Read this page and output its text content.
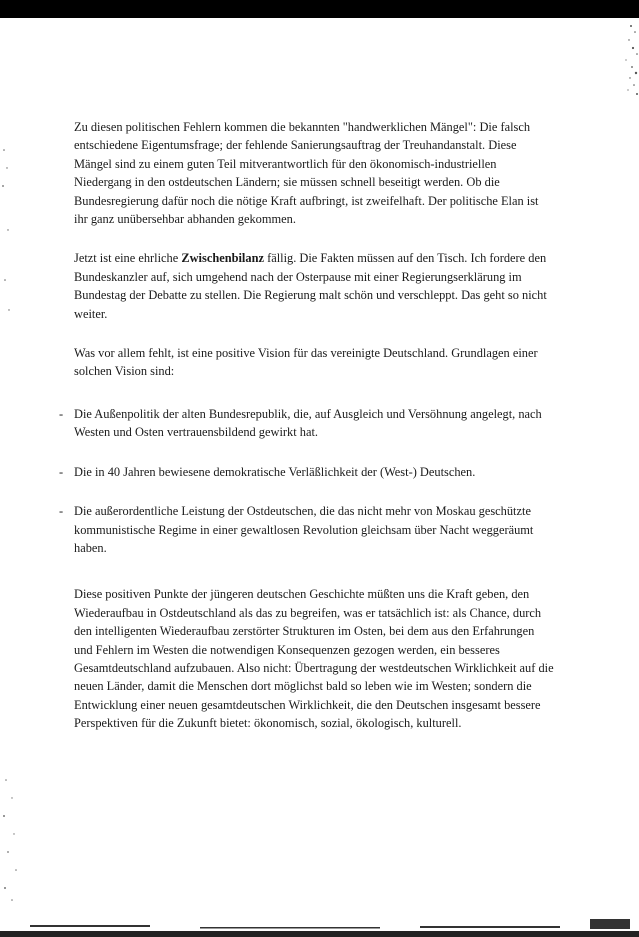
Zu diesen politischen Fehlern kommen die bekannten "handwerklichen Mängel": Die falsch entschiedene Eigentumsfrage; der fehlende Sanierungsauftrag der Treuhandanstalt. Diese Mängel sind zu einem guten Teil mitverantwortlich für den ökonomisch-industriellen Niedergang in den ostdeutschen Ländern; sie müssen schnell beseitigt werden. Ob die Bundesregierung dafür noch die nötige Kraft aufbringt, ist zweifelhaft. Der politische Elan ist ihr ganz unübersehbar abhanden gekommen.

Jetzt ist eine ehrliche Zwischenbilanz fällig. Die Fakten müssen auf den Tisch. Ich fordere den Bundeskanzler auf, sich umgehend nach der Osterpause mit einer Regierungserklärung im Bundestag der Debatte zu stellen. Die Regierung malt schön und verschleppt. Das geht so nicht weiter.

Was vor allem fehlt, ist eine positive Vision für das vereinigte Deutschland. Grundlagen einer solchen Vision sind:

- Die Außenpolitik der alten Bundesrepublik, die, auf Ausgleich und Versöhnung angelegt, nach Westen und Osten vertrauensbildend gewirkt hat.
- Die in 40 Jahren bewiesene demokratische Verläßlichkeit der (West-) Deutschen.
- Die außerordentliche Leistung der Ostdeutschen, die das nicht mehr von Moskau geschützte kommunistische Regime in einer gewaltlosen Revolution gleichsam über Nacht weggeräumt haben.

Diese positiven Punkte der jüngeren deutschen Geschichte müßten uns die Kraft geben, den Wiederaufbau in Ostdeutschland als das zu begreifen, was er tatsächlich ist: als Chance, durch den intelligenten Wiederaufbau zerstörter Strukturen im Osten, bei dem aus den Erfahrungen und Fehlern im Westen die notwendigen Konsequenzen gezogen werden, ein besseres Gesamtdeutschland aufzubauen. Also nicht: Übertragung der westdeutschen Wirklichkeit auf die neuen Länder, damit die Menschen dort möglichst bald so leben wie im Westen; sondern die Entwicklung einer neuen gesamtdeutschen Wirklichkeit, die den Deutschen insgesamt bessere Perspektiven für die Zukunft bietet: ökonomisch, sozial, ökologisch, kulturell.
